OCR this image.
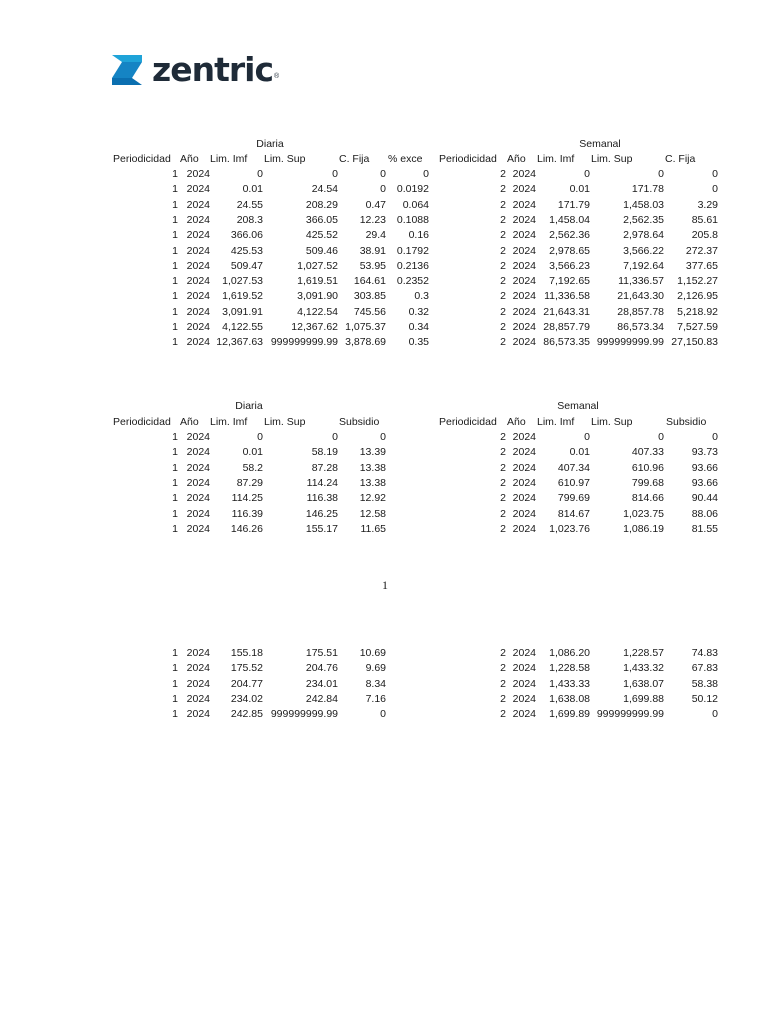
zentric ®
Diaria
Periodicidad Año Lim. Imf Lim. Sup	C. Fija % exce
1 2024	0	0	0	0
1 2024	0.01	24.54	0	0.0192
1 2024	24.55	208.29	0.47	0.064
1 2024	208.3	366.05	12.23	0.1088
1 2024	366.06	425.52	29.4	0.16
1 2024	425.53	509.46	38.91	0.1792
1 2024	509.47	1,027.52	53.95	0.2136
1 2024	1,027.53	1,619.51	164.61	0.2352
1 2024	1,619.52	3,091.90	303.85	0.3
1 2024	3,091.91	4,122.54	745.56	0.32
1 2024	4,122.55	12,367.62 1,075.37	0.34
1 2024 12,367.63 999999999.99 3,878.69	0.35
Semanal
Periodicidad Año Lim. Imf Lim. Sup	C. Fija
2 2024	0	0	0
2 2024	0.01	171.78	0
2 2024	171.79	1,458.03	3.29
2 2024	1,458.04	2,562.35	85.61
2 2024	2,562.36	2,978.64	205.8
2 2024	2,978.65	3,566.22	272.37
2 2024	3,566.23	7,192.64	377.65
2 2024	7,192.65	11,336.57	1,152.27
2 2024 11,336.58	21,643.30	2,126.95
2 2024 21,643.31	28,857.78	5,218.92
2 2024 28,857.79	86,573.34	7,527.59
2 2024 86,573.35 999999999.99 27,150.83
Diaria
Periodicidad Año Lim. Imf Lim. Sup	Subsidio
1 2024	0	0	0
1 2024	0.01	58.19	13.39
1 2024	58.2	87.28	13.38
1 2024	87.29	114.24	13.38
1 2024	114.25	116.38	12.92
1 2024	116.39	146.25	12.58
1 2024	146.26	155.17	11.65
1 2024	155.18	175.51	10.69
1 2024	175.52	204.76	9.69
1 2024	204.77	234.01	8.34
1 2024	234.02	242.84	7.16
1 2024	242.85 999999999.99	0
Semanal
Periodicidad Año Lim. Imf Lim. Sup	Subsidio
2 2024	0	0	0
2 2024	0.01	407.33	93.73
2 2024	407.34	610.96	93.66
2 2024	610.97	799.68	93.66
2 2024	799.69	814.66	90.44
2 2024	814.67	1,023.75	88.06
2 2024	1,023.76	1,086.19	81.55
2 2024	1,086.20	1,228.57	74.83
2 2024	1,228.58	1,433.32	67.83
2 2024	1,433.33	1,638.07	58.38
2 2024	1,638.08	1,699.88	50.12
2 2024	1,699.89 999999999.99	0
1
